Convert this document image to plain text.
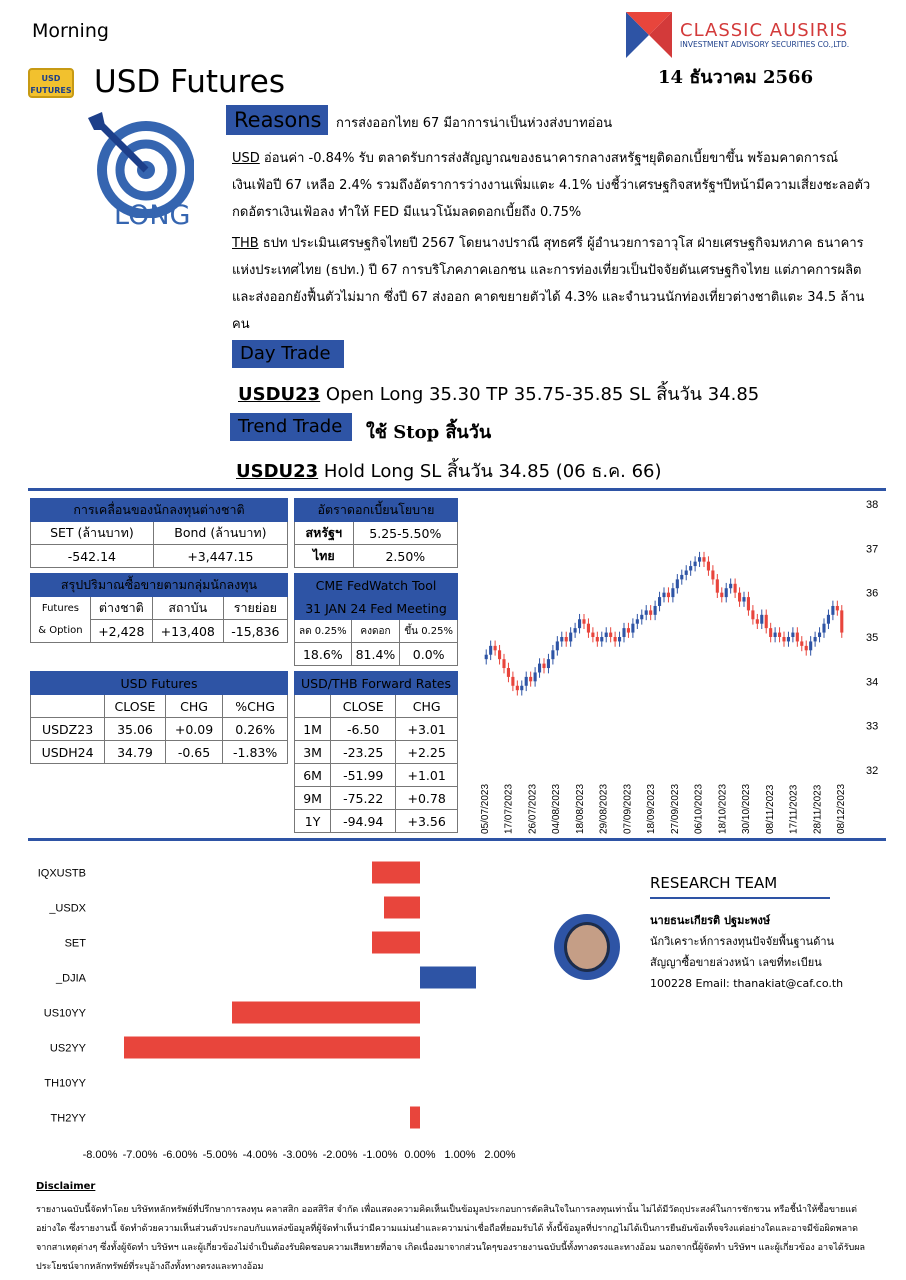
Morning
USD FUTURES USD Futures
CLASSIC AUSIRIS
INVESTMENT ADVISORY SECURITIES CO.,LTD.
14 ธันวาคม 2566
LONG
Reasons	การส่งออกไทย 67 มีอาการน่าเป็นห่วงส่งบาทอ่อน
USD อ่อนค่า -0.84% รับ ตลาดรับการส่งสัญญาณของธนาคารกลางสหรัฐฯยุติดอกเบี้ยขาขึ้น พร้อมคาดการณ์เงินเฟ้อปี 67 เหลือ 2.4% รวมถึงอัตราการว่างงานเพิ่มแตะ 4.1% บ่งชี้ว่าเศรษฐกิจสหรัฐฯปีหน้ามีความเสี่ยงชะลอตัวกดอัตราเงินเฟ้อลง ทำให้ FED มีแนวโน้มลดดอกเบี้ยถึง 0.75%
THB ธปท ประเมินเศรษฐกิจไทยปี 2567 โดยนางปราณี สุทธศรี ผู้อำนวยการอาวุโส ฝ่ายเศรษฐกิจมหภาค ธนาคารแห่งประเทศไทย (ธปท.) ปี 67 การบริโภคภาคเอกชน และการท่องเที่ยวเป็นปัจจัยดันเศรษฐกิจไทย แต่ภาคการผลิตและส่งออกยังฟื้นตัวไม่มาก ซึ่งปี 67 ส่งออก คาดขยายตัวได้ 4.3% และจำนวนนักท่องเที่ยวต่างชาติแตะ 34.5 ล้านคน
Day Trade
USDU23 Open Long 35.30 TP 35.75-35.85 SL สิ้นวัน 34.85
Trend Trade	ใช้ Stop สิ้นวัน
USDU23 Hold Long SL สิ้นวัน 34.85 (06 ธ.ค. 66)
การเคลื่อนของนักลงทุนต่างชาติ	
SET (ล้านบาท)	Bond (ล้านบาท)
-542.14	+3,447.15
สรุปปริมาณซื้อขายตามกลุ่มนักลงทุน			
Futures
& Option	ต่างชาติ	สถาบัน	รายย่อย
	+2,428	+13,408	-15,836
USD Futures			
	CLOSE	CHG	%CHG
USDZ23	35.06	+0.09	0.26%
USDH24	34.79	-0.65	-1.83%
อัตราดอกเบี้ยนโยบาย	
สหรัฐฯ	5.25-5.50%
ไทย	2.50%
CME FedWatch Tool		
31 JAN 24 Fed Meeting		
ลด 0.25%	คงดอก	ขึ้น 0.25%
18.6%	81.4%	0.0%
USD/THB Forward Rates		
	CLOSE	CHG
1M	-6.50	+3.01
3M	-23.25	+2.25
6M	-51.99	+1.01
9M	-75.22	+0.78
1Y	-94.94	+3.56
38
37
36
35
34
33
32
05/07/2023 17/07/2023 26/07/2023 04/08/2023 18/08/2023 29/08/2023 07/09/2023 18/09/2023 27/09/2023 06/10/2023 18/10/2023 30/10/2023 08/11/2023 17/11/2023 28/11/2023 08/12/2023
IQXUSTB
_USDX
SET
_DJIA
US10YY
US2YY
TH10YY
TH2YY
-8.00% -7.00% -6.00% -5.00% -4.00% -3.00% -2.00% -1.00% 0.00% 1.00% 2.00%
RESEARCH TEAM
นายธนะเกียรติ ปฐมะพงษ์
นักวิเคราะห์การลงทุนปัจจัยพื้นฐานด้าน
สัญญาซื้อขายล่วงหน้า เลขที่ทะเบียน
100228 Email: thanakiat@caf.co.th
Disclaimer
รายงานฉบับนี้จัดทำโดย บริษัทหลักทรัพย์ที่ปรึกษาการลงทุน คลาสสิก ออสสิริส จำกัด เพื่อแสดงความคิดเห็นเป็นข้อมูลประกอบการตัดสินใจในการลงทุนเท่านั้น ไม่ได้มีวัตถุประสงค์ในการชักชวน หรือชี้นำให้ซื้อขายแต่อย่างใด ซึ่งรายงานนี้ จัดทำด้วยความเห็นส่วนตัวประกอบกับแหล่งข้อมูลที่ผู้จัดทำเห็นว่ามีความแม่นยำและความน่าเชื่อถือที่ยอมรับได้ ทั้งนี้ข้อมูลที่ปรากฏไม่ได้เป็นการยืนยันข้อเท็จจริงแต่อย่างใดและอาจมีข้อผิดพลาดจากสาเหตุต่างๆ ซึ่งทั้งผู้จัดทำ บริษัทฯ และผู้เกี่ยวข้องไม่จำเป็นต้องรับผิดชอบความเสียหายที่อาจ เกิดเนื่องมาจากส่วนใดๆของรายงานฉบับนี้ทั้งทางตรงและทางอ้อม นอกจากนี้ผู้จัดทำ บริษัทฯ และผู้เกี่ยวข้อง อาจได้รับผลประโยชน์จากหลักทรัพย์ที่ระบุอ้างถึงทั้งทางตรงและทางอ้อม
